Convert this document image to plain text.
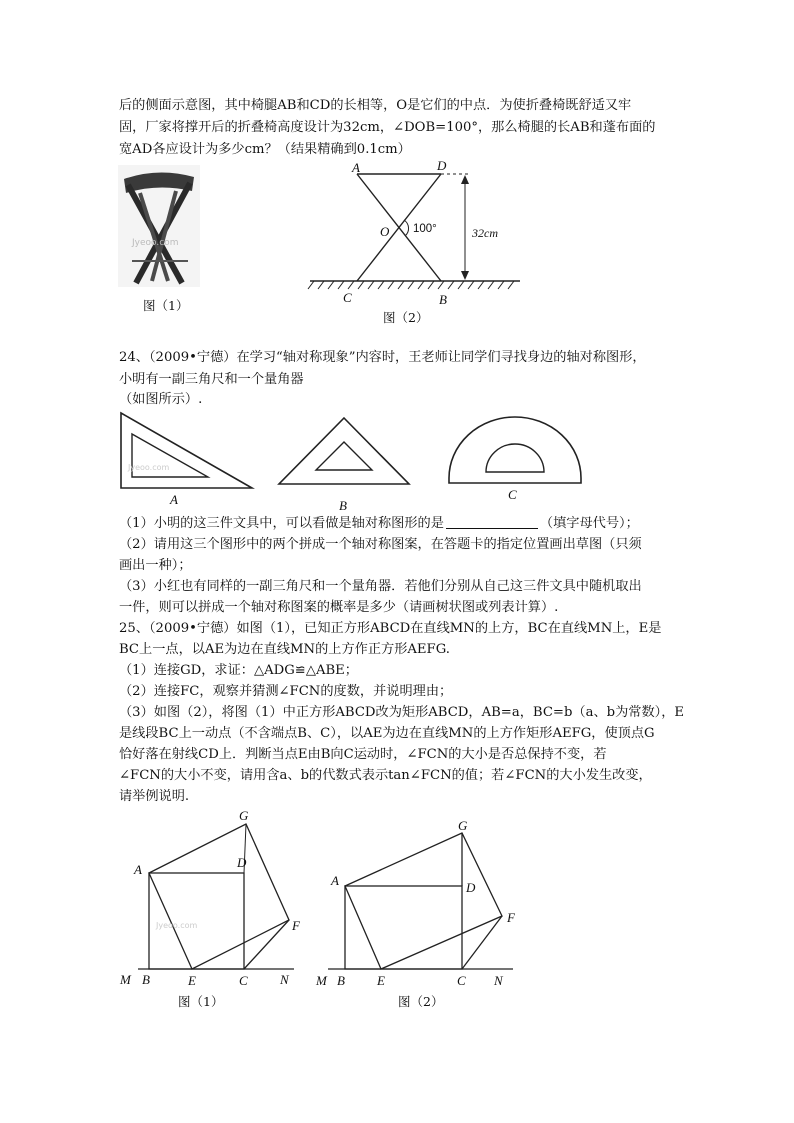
后的侧面示意图，其中椅腿AB和CD的长相等，O是它们的中点．为使折叠椅既舒适又牢
固，厂家将撑开后的折叠椅高度设计为32cm，∠DOB=100°，那么椅腿的长AB和蓬布面的
宽AD各应设计为多少cm？（结果精确到0.1cm）
Jyeoo.com
图（1）
A	D
O 100°	32cm
C	B
图（2）
24、（2009•宁德）在学习“轴对称现象”内容时，王老师让同学们寻找身边的轴对称图形，
小明有一副三角尺和一个量角器
（如图所示）.
Jyeoo.com
A	B
C
（1）小明的这三件文具中，可以看做是轴对称图形的是	（填字母代号）；
（2）请用这三个图形中的两个拼成一个轴对称图案，在答题卡的指定位置画出草图（只须
画出一种）；
（3）小红也有同样的一副三角尺和一个量角器．若他们分别从自己这三件文具中随机取出
一件，则可以拼成一个轴对称图案的概率是多少（请画树状图或列表计算）.
25、（2009•宁德）如图（1），已知正方形ABCD在直线MN的上方，BC在直线MN上，E是
BC上一点，以AE为边在直线MN的上方作正方形AEFG.
（1）连接GD，求证：△ADG≌△ABE；
（2）连接FC，观察并猜测∠FCN的度数，并说明理由；
（3）如图（2），将图（1）中正方形ABCD改为矩形ABCD，AB=a，BC=b（a、b为常数），E
是线段BC上一动点（不含端点B、C），以AE为边在直线MN的上方作矩形AEFG，使顶点G
恰好落在射线CD上．判断当点E由B向C运动时，∠FCN的大小是否总保持不变，若
∠FCN的大小不变，请用含a、b的代数式表示tan∠FCN的值；若∠FCN的大小发生改变，
请举例说明.
Jyeoo.com
G
A	D
F
M B	E	C N
图（1）
G
A	D
F
M B E	C N
图（2）
